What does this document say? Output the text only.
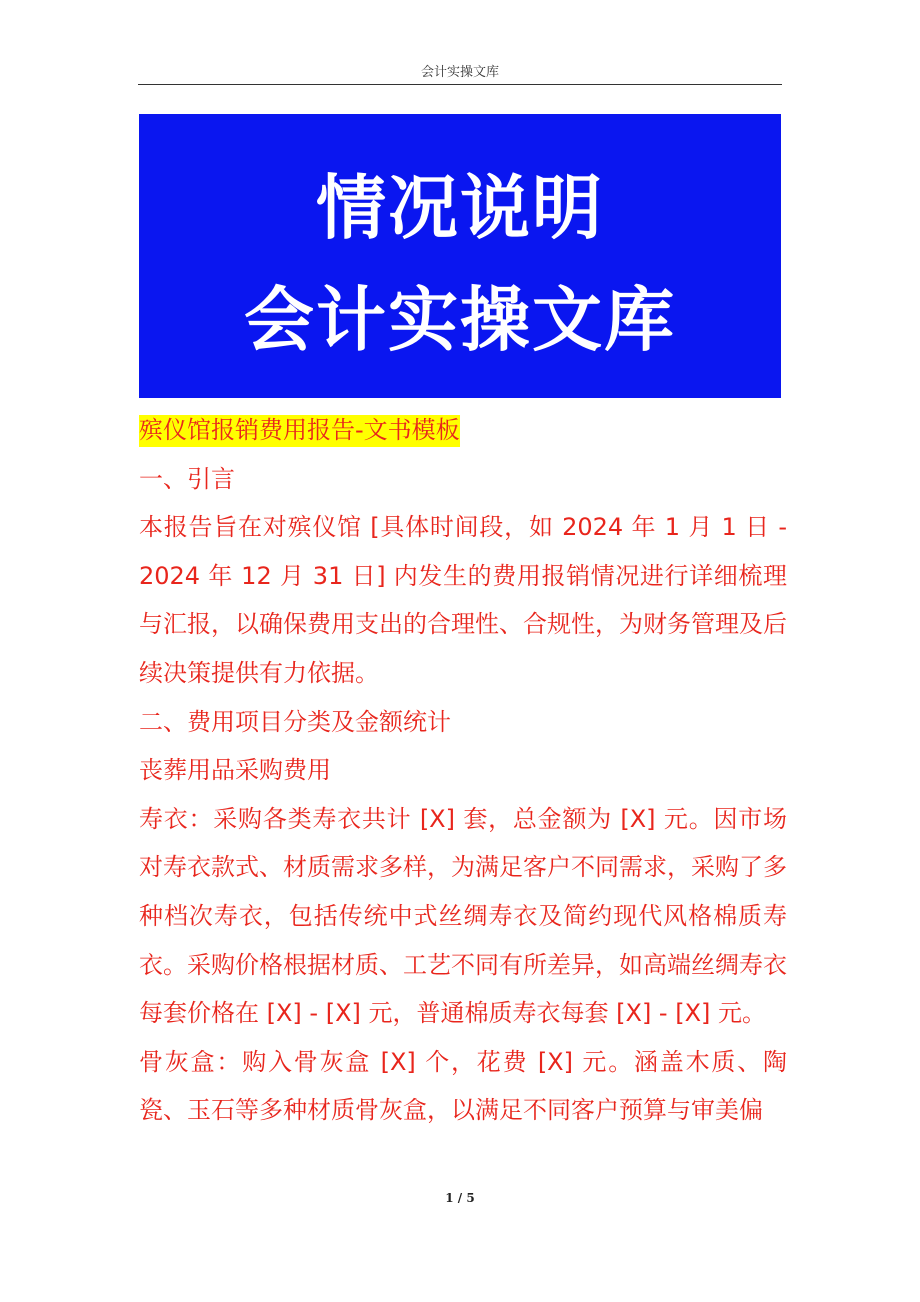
会计实操文库
情况说明
会计实操文库

殡仪馆报销费用报告-文书模板

一、引言

本报告旨在对殡仪馆 [具体时间段，如 2024 年 1 月 1 日 - 2024 年 12 月 31 日] 内发生的费用报销情况进行详细梳理与汇报，以确保费用支出的合理性、合规性，为财务管理及后续决策提供有力依据。

二、费用项目分类及金额统计

丧葬用品采购费用

寿衣：采购各类寿衣共计 [X] 套，总金额为 [X] 元。因市场对寿衣款式、材质需求多样，为满足客户不同需求，采购了多种档次寿衣，包括传统中式丝绸寿衣及简约现代风格棉质寿衣。采购价格根据材质、工艺不同有所差异，如高端丝绸寿衣每套价格在 [X] - [X] 元，普通棉质寿衣每套 [X] - [X] 元。

骨灰盒：购入骨灰盒 [X] 个，花费 [X] 元。涵盖木质、陶瓷、玉石等多种材质骨灰盒，以满足不同客户预算与审美偏

1 / 5
